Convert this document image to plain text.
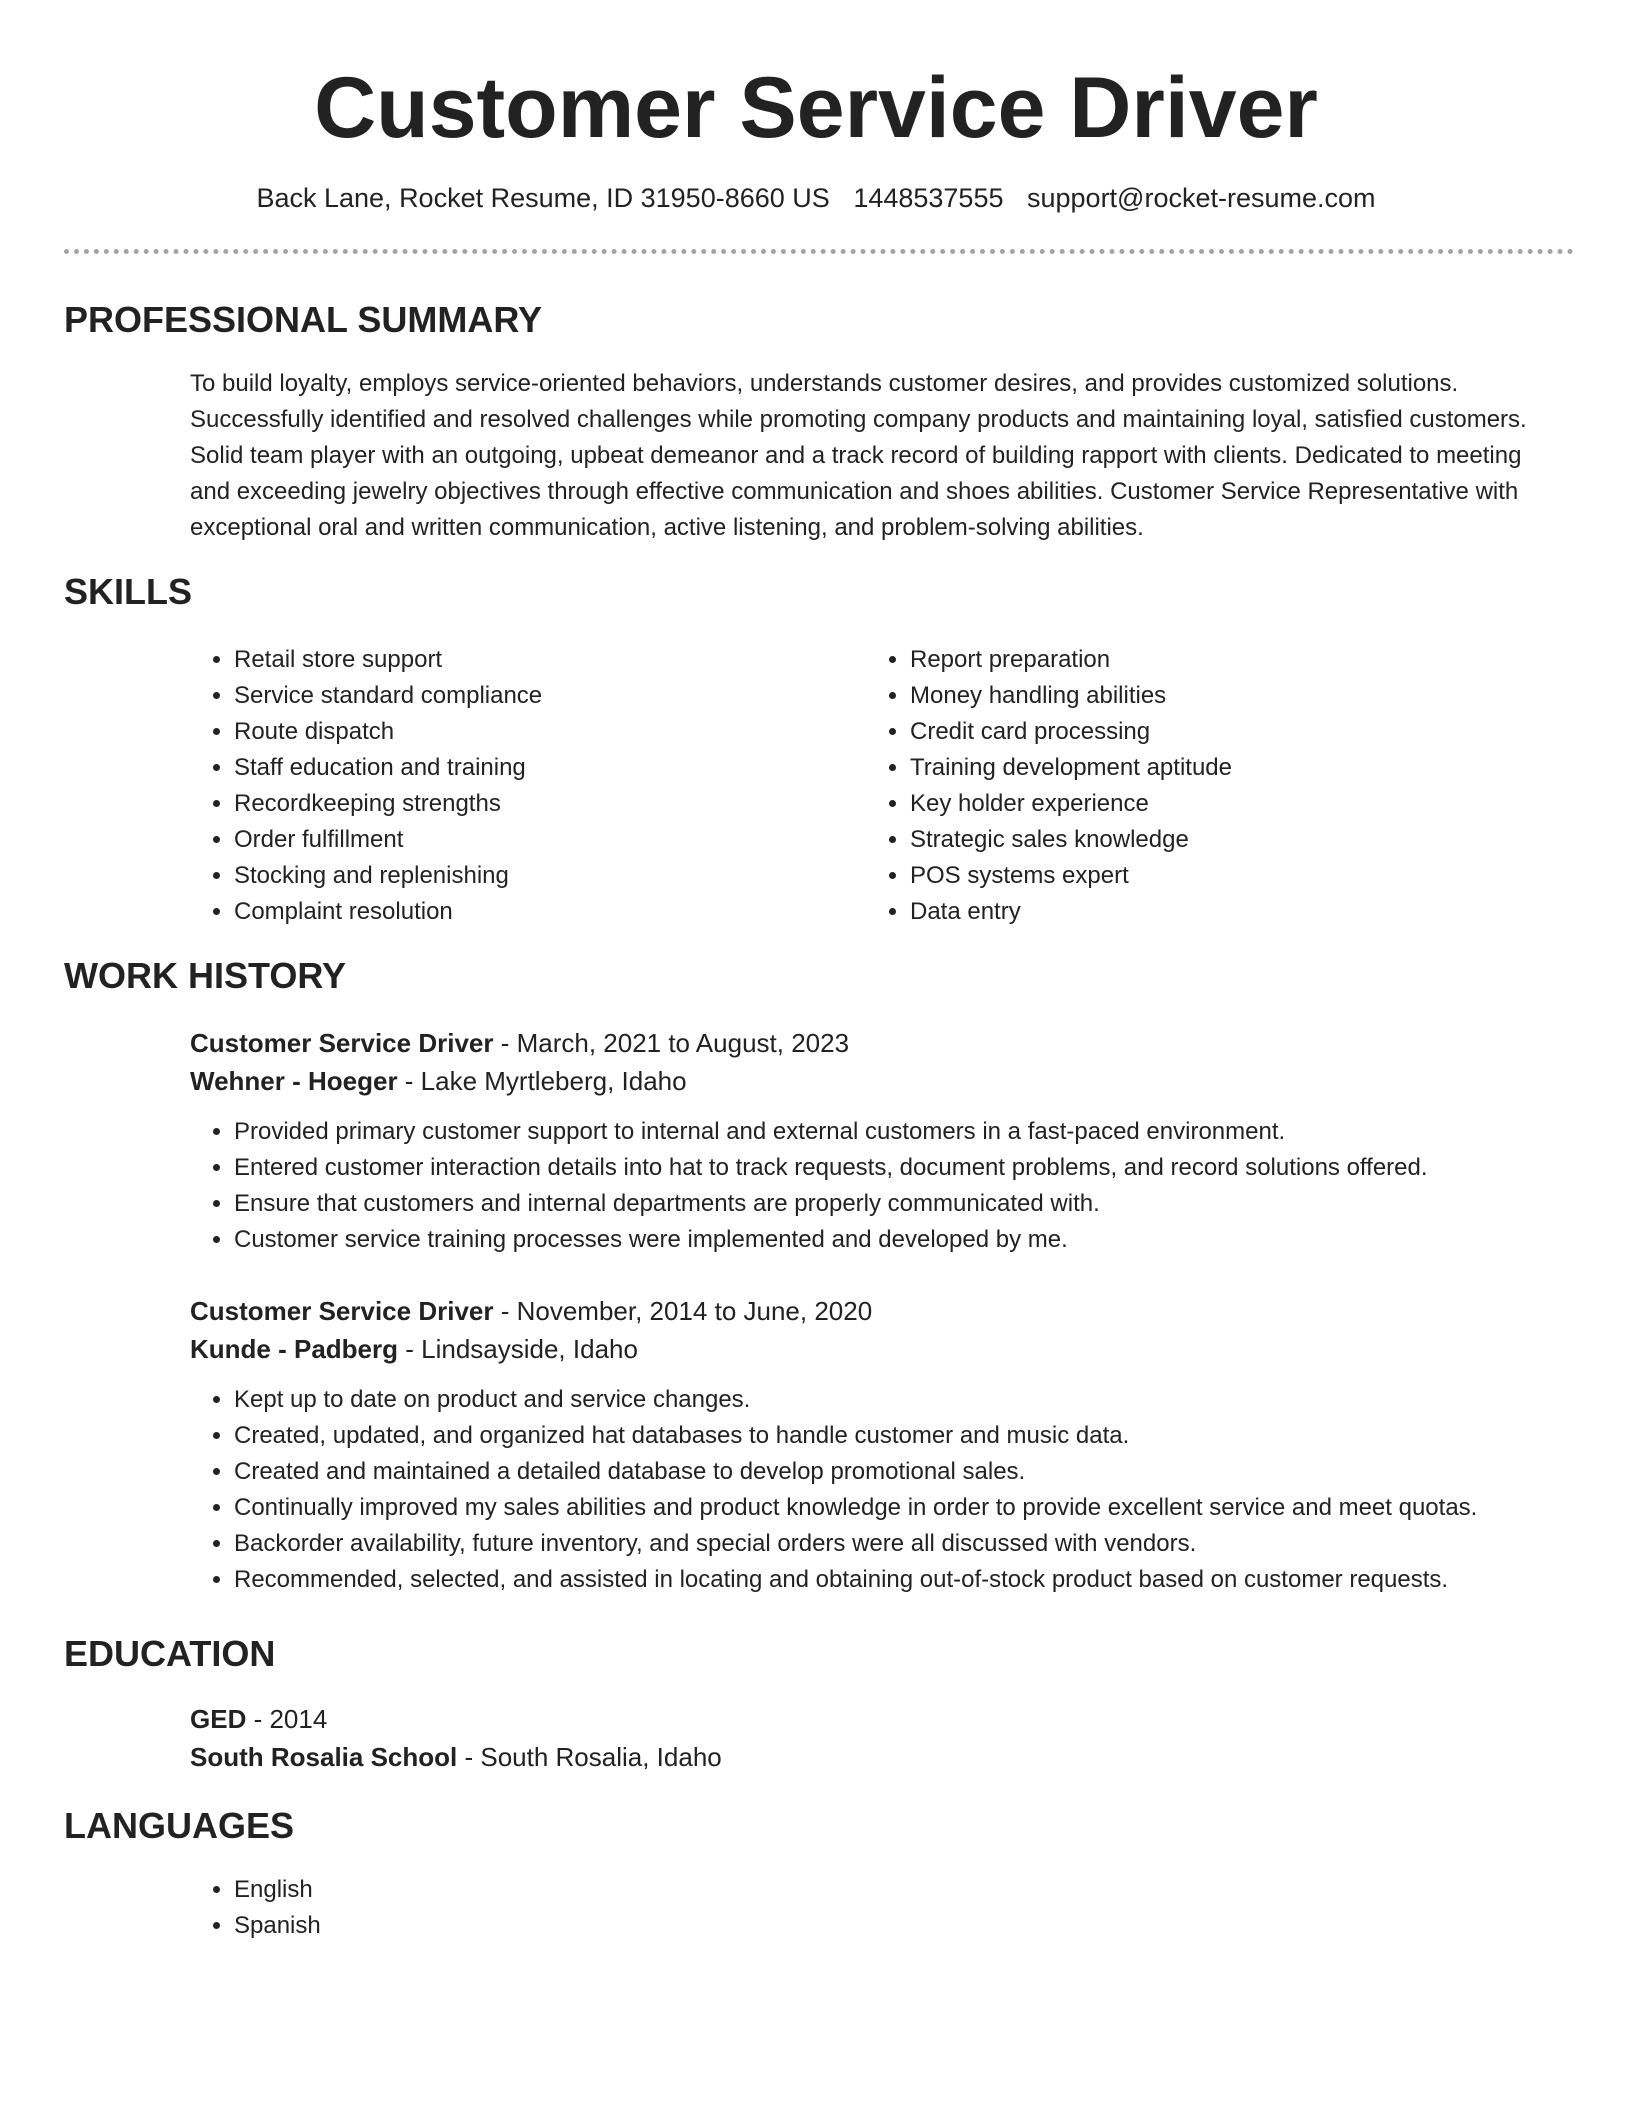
Customer Service Driver
Back Lane, Rocket Resume, ID 31950-8660 US 1448537555 support@rocket-resume.com
PROFESSIONAL SUMMARY

To build loyalty, employs service-oriented behaviors, understands customer desires, and provides customized solutions. Successfully identified and resolved challenges while promoting company products and maintaining loyal, satisfied customers. Solid team player with an outgoing, upbeat demeanor and a track record of building rapport with clients. Dedicated to meeting and exceeding jewelry objectives through effective communication and shoes abilities. Customer Service Representative with exceptional oral and written communication, active listening, and problem-solving abilities.

SKILLS
• Retail store support
• Service standard compliance
• Route dispatch
• Staff education and training
• Recordkeeping strengths
• Order fulfillment
• Stocking and replenishing
• Complaint resolution
• Report preparation
• Money handling abilities
• Credit card processing
• Training development aptitude
• Key holder experience
• Strategic sales knowledge
• POS systems expert
• Data entry
WORK HISTORY
Customer Service Driver - March, 2021 to August, 2023
Wehner - Hoeger - Lake Myrtleberg, Idaho
• Provided primary customer support to internal and external customers in a fast-paced environment.
• Entered customer interaction details into hat to track requests, document problems, and record solutions offered.
• Ensure that customers and internal departments are properly communicated with.
• Customer service training processes were implemented and developed by me.
Customer Service Driver - November, 2014 to June, 2020
Kunde - Padberg - Lindsayside, Idaho
• Kept up to date on product and service changes.
• Created, updated, and organized hat databases to handle customer and music data.
• Created and maintained a detailed database to develop promotional sales.
• Continually improved my sales abilities and product knowledge in order to provide excellent service and meet quotas.
• Backorder availability, future inventory, and special orders were all discussed with vendors.
• Recommended, selected, and assisted in locating and obtaining out-of-stock product based on customer requests.
EDUCATION
GED - 2014
South Rosalia School - South Rosalia, Idaho
LANGUAGES
• English
• Spanish
